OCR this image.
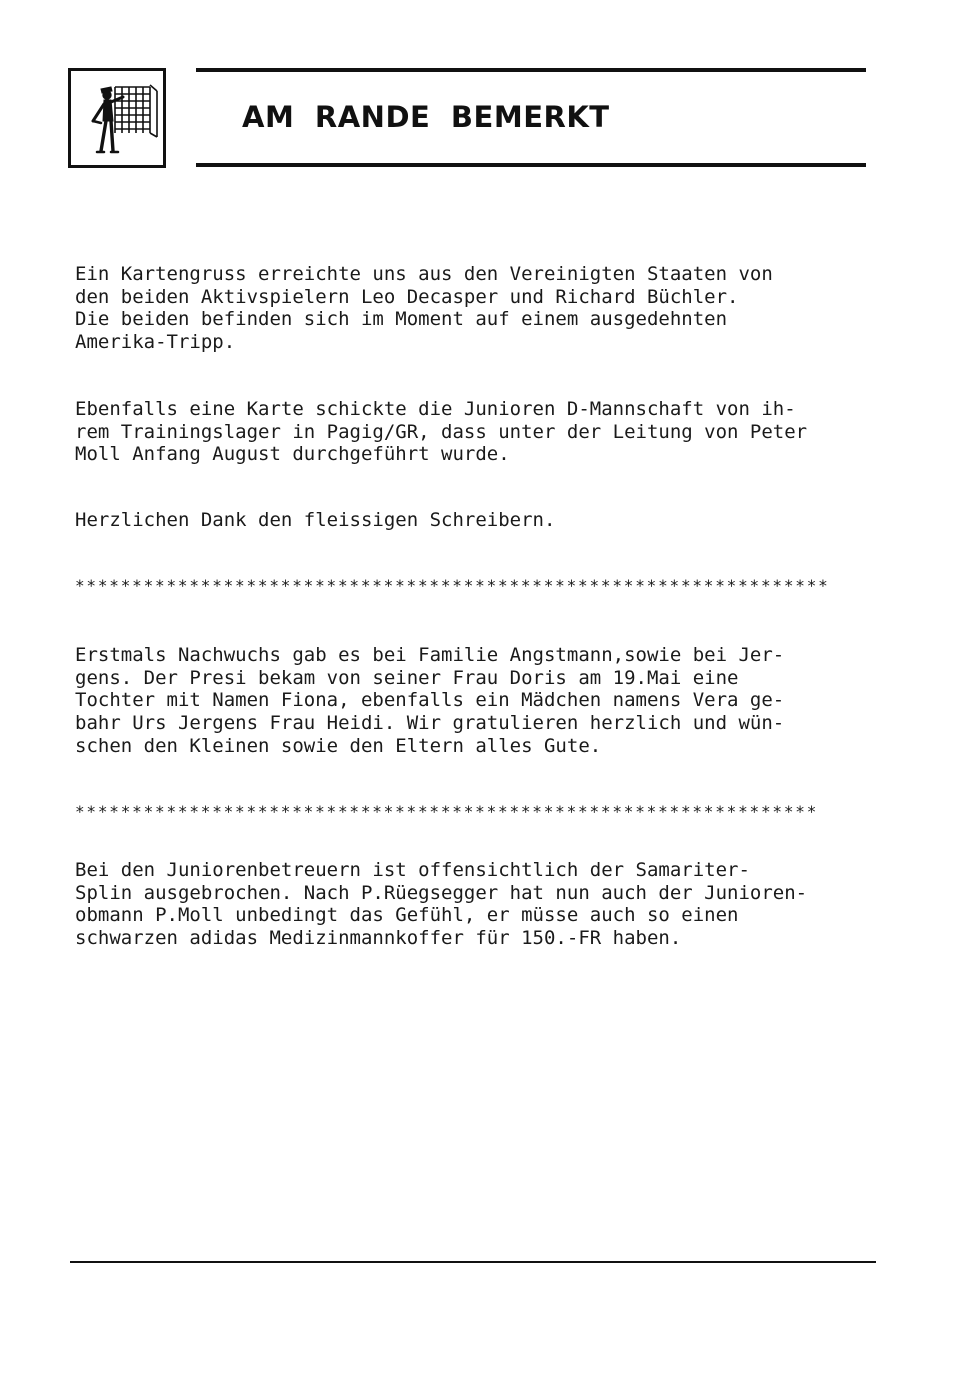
AM RANDE BEMERKT

Ein Kartengruss erreichte uns aus den Vereinigten Staaten von
den beiden Aktivspielern Leo Decasper und Richard Büchler.
Die beiden befinden sich im Moment auf einem ausgedehnten
Amerika-Tripp.

Ebenfalls eine Karte schickte die Junioren D-Mannschaft von ih-
rem Trainingslager in Pagig/GR, dass unter der Leitung von Peter
Moll Anfang August durchgeführt wurde.

Herzlichen Dank den fleissigen Schreibern.

******************************************************************

Erstmals Nachwuchs gab es bei Familie Angstmann,sowie bei Jer-
gens. Der Presi bekam von seiner Frau Doris am 19.Mai eine
Tochter mit Namen Fiona, ebenfalls ein Mädchen namens Vera ge-
bahr Urs Jergens Frau Heidi. Wir gratulieren herzlich und wün-
schen den Kleinen sowie den Eltern alles Gute.

*****************************************************************

Bei den Juniorenbetreuern ist offensichtlich der Samariter-
Splin ausgebrochen. Nach P.Rüegsegger hat nun auch der Junioren-
obmann P.Moll unbedingt das Gefühl, er müsse auch so einen
schwarzen adidas Medizinmannkoffer für 150.-FR haben.
